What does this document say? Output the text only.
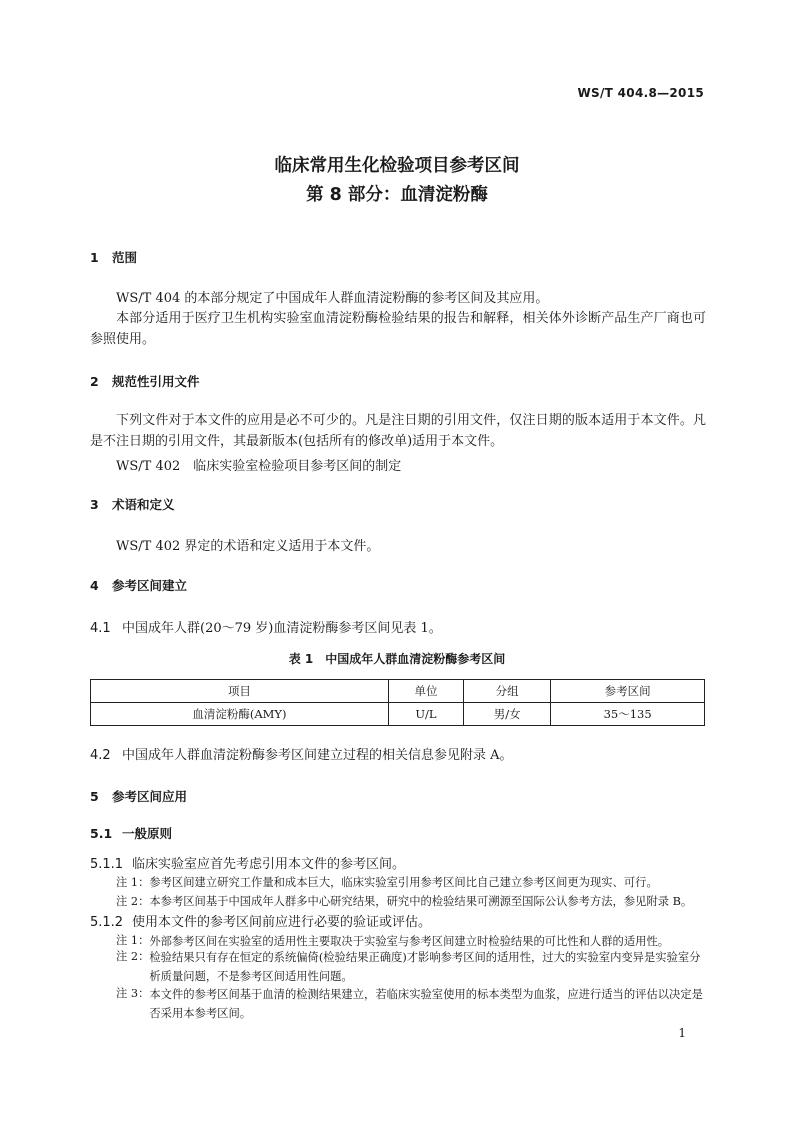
WS/T 404.8—2015
临床常用生化检验项目参考区间
第 8 部分：血清淀粉酶
1 范围
WS/T 404 的本部分规定了中国成年人群血清淀粉酶的参考区间及其应用。
本部分适用于医疗卫生机构实验室血清淀粉酶检验结果的报告和解释，相关体外诊断产品生产厂商也可参照使用。
2 规范性引用文件
下列文件对于本文件的应用是必不可少的。凡是注日期的引用文件，仅注日期的版本适用于本文件。凡是不注日期的引用文件，其最新版本(包括所有的修改单)适用于本文件。
WS/T 402　临床实验室检验项目参考区间的制定
3 术语和定义
WS/T 402 界定的术语和定义适用于本文件。
4 参考区间建立
4.1 中国成年人群(20～79 岁)血清淀粉酶参考区间见表 1。
表 1　中国成年人群血清淀粉酶参考区间
项目	单位	分组	参考区间
血清淀粉酶(AMY)	U/L	男/女	35～135
4.2 中国成年人群血清淀粉酶参考区间建立过程的相关信息参见附录 A。
5 参考区间应用
5.1 一般原则
5.1.1 临床实验室应首先考虑引用本文件的参考区间。
注 1：参考区间建立研究工作量和成本巨大，临床实验室引用参考区间比自己建立参考区间更为现实、可行。
注 2：本参考区间基于中国成年人群多中心研究结果，研究中的检验结果可溯源至国际公认参考方法，参见附录 B。
5.1.2 使用本文件的参考区间前应进行必要的验证或评估。
注 1： 外部参考区间在实验室的适用性主要取决于实验室与参考区间建立时检验结果的可比性和人群的适用性。
注 2： 检验结果只有存在恒定的系统偏倚(检验结果正确度)才影响参考区间的适用性，过大的实验室内变异是实验室分析质量问题，不是参考区间适用性问题。
注 3： 本文件的参考区间基于血清的检测结果建立，若临床实验室使用的标本类型为血浆，应进行适当的评估以决定是否采用本参考区间。
1
